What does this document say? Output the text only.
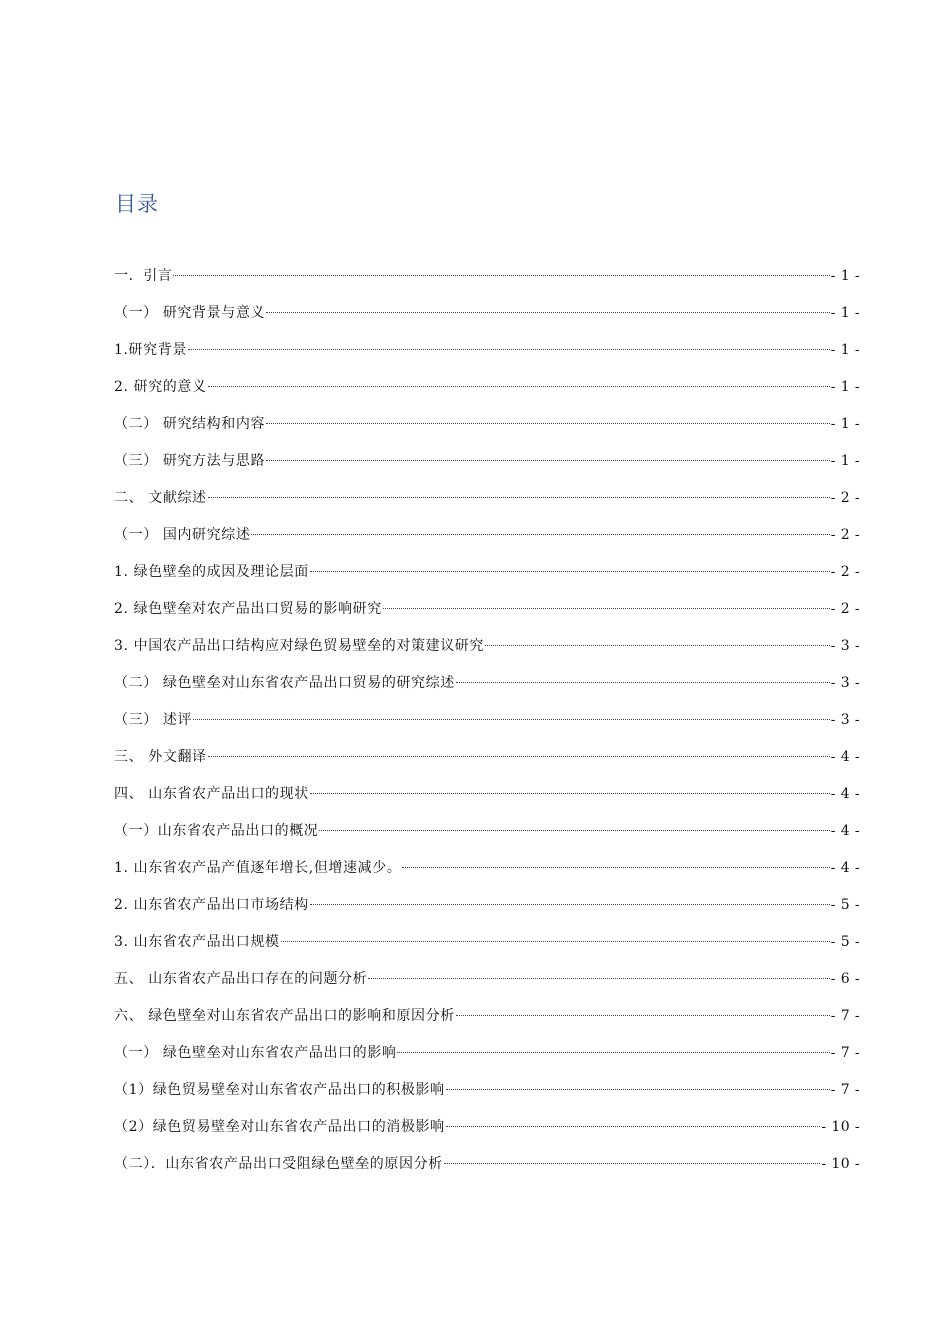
目录
一．引言	- 1 -
（一） 研究背景与意义	- 1 -
1.研究背景	- 1 -
2. 研究的意义	- 1 -
（二） 研究结构和内容	- 1 -
（三） 研究方法与思路	- 1 -
二、 文献综述	- 2 -
（一） 国内研究综述	- 2 -
1. 绿色壁垒的成因及理论层面	- 2 -
2. 绿色壁垒对农产品出口贸易的影响研究	- 2 -
3. 中国农产品出口结构应对绿色贸易壁垒的对策建议研究	- 3 -
（二） 绿色壁垒对山东省农产品出口贸易的研究综述	- 3 -
（三） 述评	- 3 -
三、 外文翻译	- 4 -
四、 山东省农产品出口的现状	- 4 -
（一）山东省农产品出口的概况	- 4 -
1. 山东省农产品产值逐年增长,但增速减少。	- 4 -
2. 山东省农产品出口市场结构	- 5 -
3. 山东省农产品出口规模	- 5 -
五、 山东省农产品出口存在的问题分析	- 6 -
六、 绿色壁垒对山东省农产品出口的影响和原因分析	- 7 -
（一） 绿色壁垒对山东省农产品出口的影响	- 7 -
（1）绿色贸易壁垒对山东省农产品出口的积极影响	- 7 -
（2）绿色贸易壁垒对山东省农产品出口的消极影响	- 10 -
（二）．山东省农产品出口受阻绿色壁垒的原因分析	- 10 -
